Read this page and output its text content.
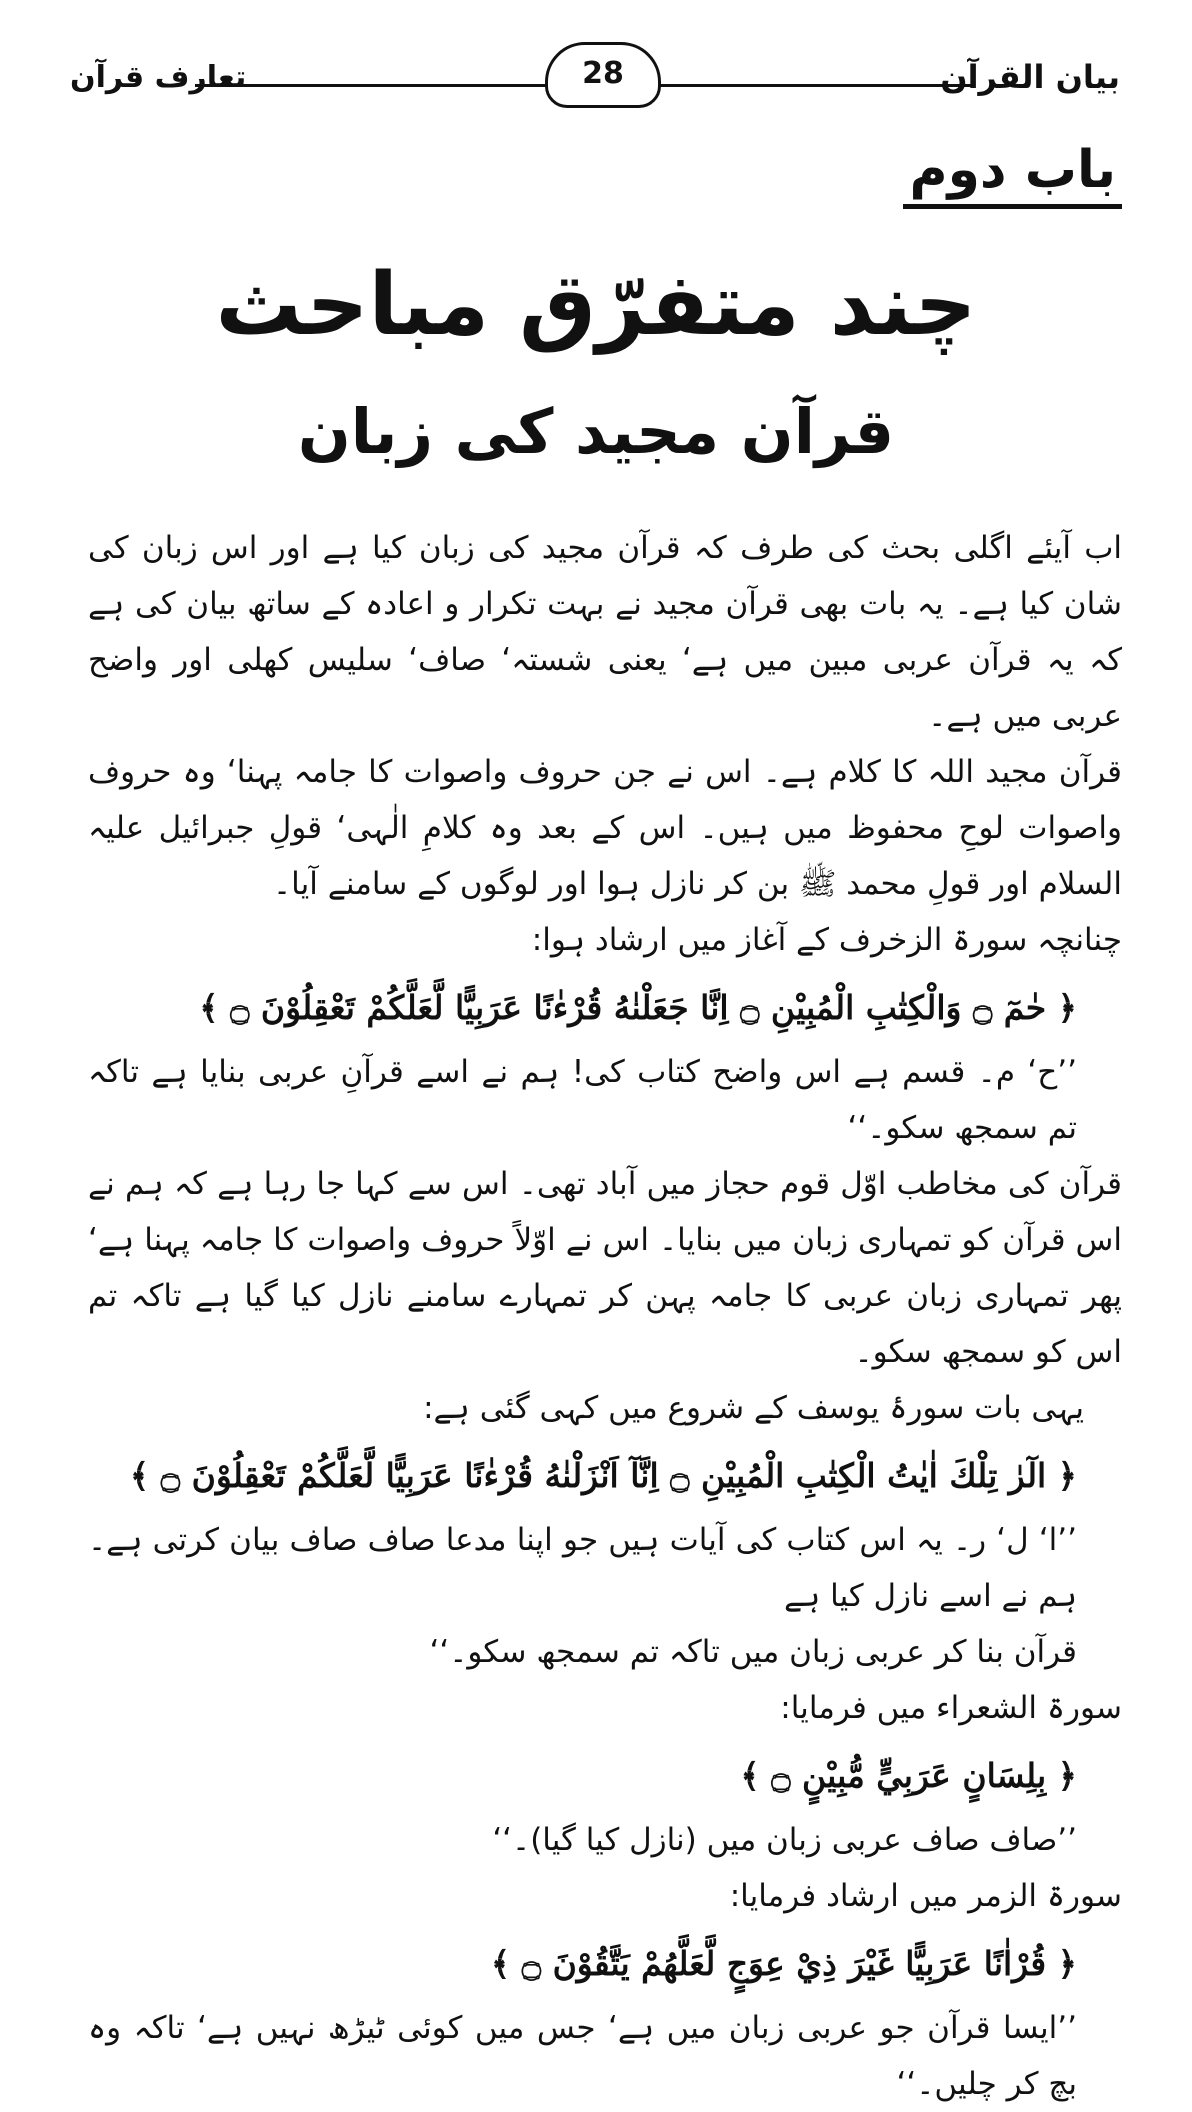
تعارف قرآن	28	بیان القرآن
باب دوم
چند متفرّق مباحث
قرآن مجید کی زبان

اب آیئے اگلی بحث کی طرف کہ قرآن مجید کی زبان کیا ہے اور اس زبان کی شان کیا ہے۔ یہ بات بھی قرآن مجید نے بہت تکرار و اعادہ کے ساتھ بیان کی ہے کہ یہ قرآن عربی مبین میں ہے‘ یعنی شستہ‘ صاف‘ سلیس کھلی اور واضح عربی میں ہے۔

قرآن مجید اللہ کا کلام ہے۔ اس نے جن حروف واصوات کا جامہ پہنا‘ وہ حروف واصوات لوحِ محفوظ میں ہیں۔ اس کے بعد وہ کلامِ الٰہی‘ قولِ جبرائیل علیہ السلام اور قولِ محمد ﷺ بن کر نازل ہوا اور لوگوں کے سامنے آیا۔

چنانچہ سورۃ الزخرف کے آغاز میں ارشاد ہوا:

﴿ حٰمٓ ۝ وَالْكِتٰبِ الْمُبِيْنِ ۝ اِنَّا جَعَلْنٰهُ قُرْءٰنًا عَرَبِيًّا لَّعَلَّكُمْ تَعْقِلُوْنَ ۝ ﴾

’’ح‘ م۔ قسم ہے اس واضح کتاب کی! ہم نے اسے قرآنِ عربی بنایا ہے تاکہ تم سمجھ سکو۔‘‘

قرآن کی مخاطب اوّل قوم حجاز میں آباد تھی۔ اس سے کہا جا رہا ہے کہ ہم نے اس قرآن کو تمہاری زبان میں بنایا۔ اس نے اوّلاً حروف واصوات کا جامہ پہنا ہے‘ پھر تمہاری زبان عربی کا جامہ پہن کر تمہارے سامنے نازل کیا گیا ہے تاکہ تم اس کو سمجھ سکو۔

یہی بات سورۂ یوسف کے شروع میں کہی گئی ہے:

﴿ الٓرٰ تِلْكَ اٰيٰتُ الْكِتٰبِ الْمُبِيْنِ ۝ اِنَّآ اَنْزَلْنٰهُ قُرْءٰنًا عَرَبِيًّا لَّعَلَّكُمْ تَعْقِلُوْنَ ۝ ﴾

’’ا‘ ل‘ ر۔ یہ اس کتاب کی آیات ہیں جو اپنا مدعا صاف صاف بیان کرتی ہے۔ ہم نے اسے نازل کیا ہے

قرآن بنا کر عربی زبان میں تاکہ تم سمجھ سکو۔‘‘

سورۃ الشعراء میں فرمایا:

﴿ بِلِسَانٍ عَرَبِيٍّ مُّبِيْنٍ ۝ ﴾

’’صاف صاف عربی زبان میں (نازل کیا گیا)۔‘‘

سورۃ الزمر میں ارشاد فرمایا:

﴿ قُرْاٰنًا عَرَبِيًّا غَيْرَ ذِيْ عِوَجٍ لَّعَلَّهُمْ يَتَّقُوْنَ ۝ ﴾

’’ایسا قرآن جو عربی زبان میں ہے‘ جس میں کوئی ٹیڑھ نہیں ہے‘ تاکہ وہ بچ کر چلیں۔‘‘
